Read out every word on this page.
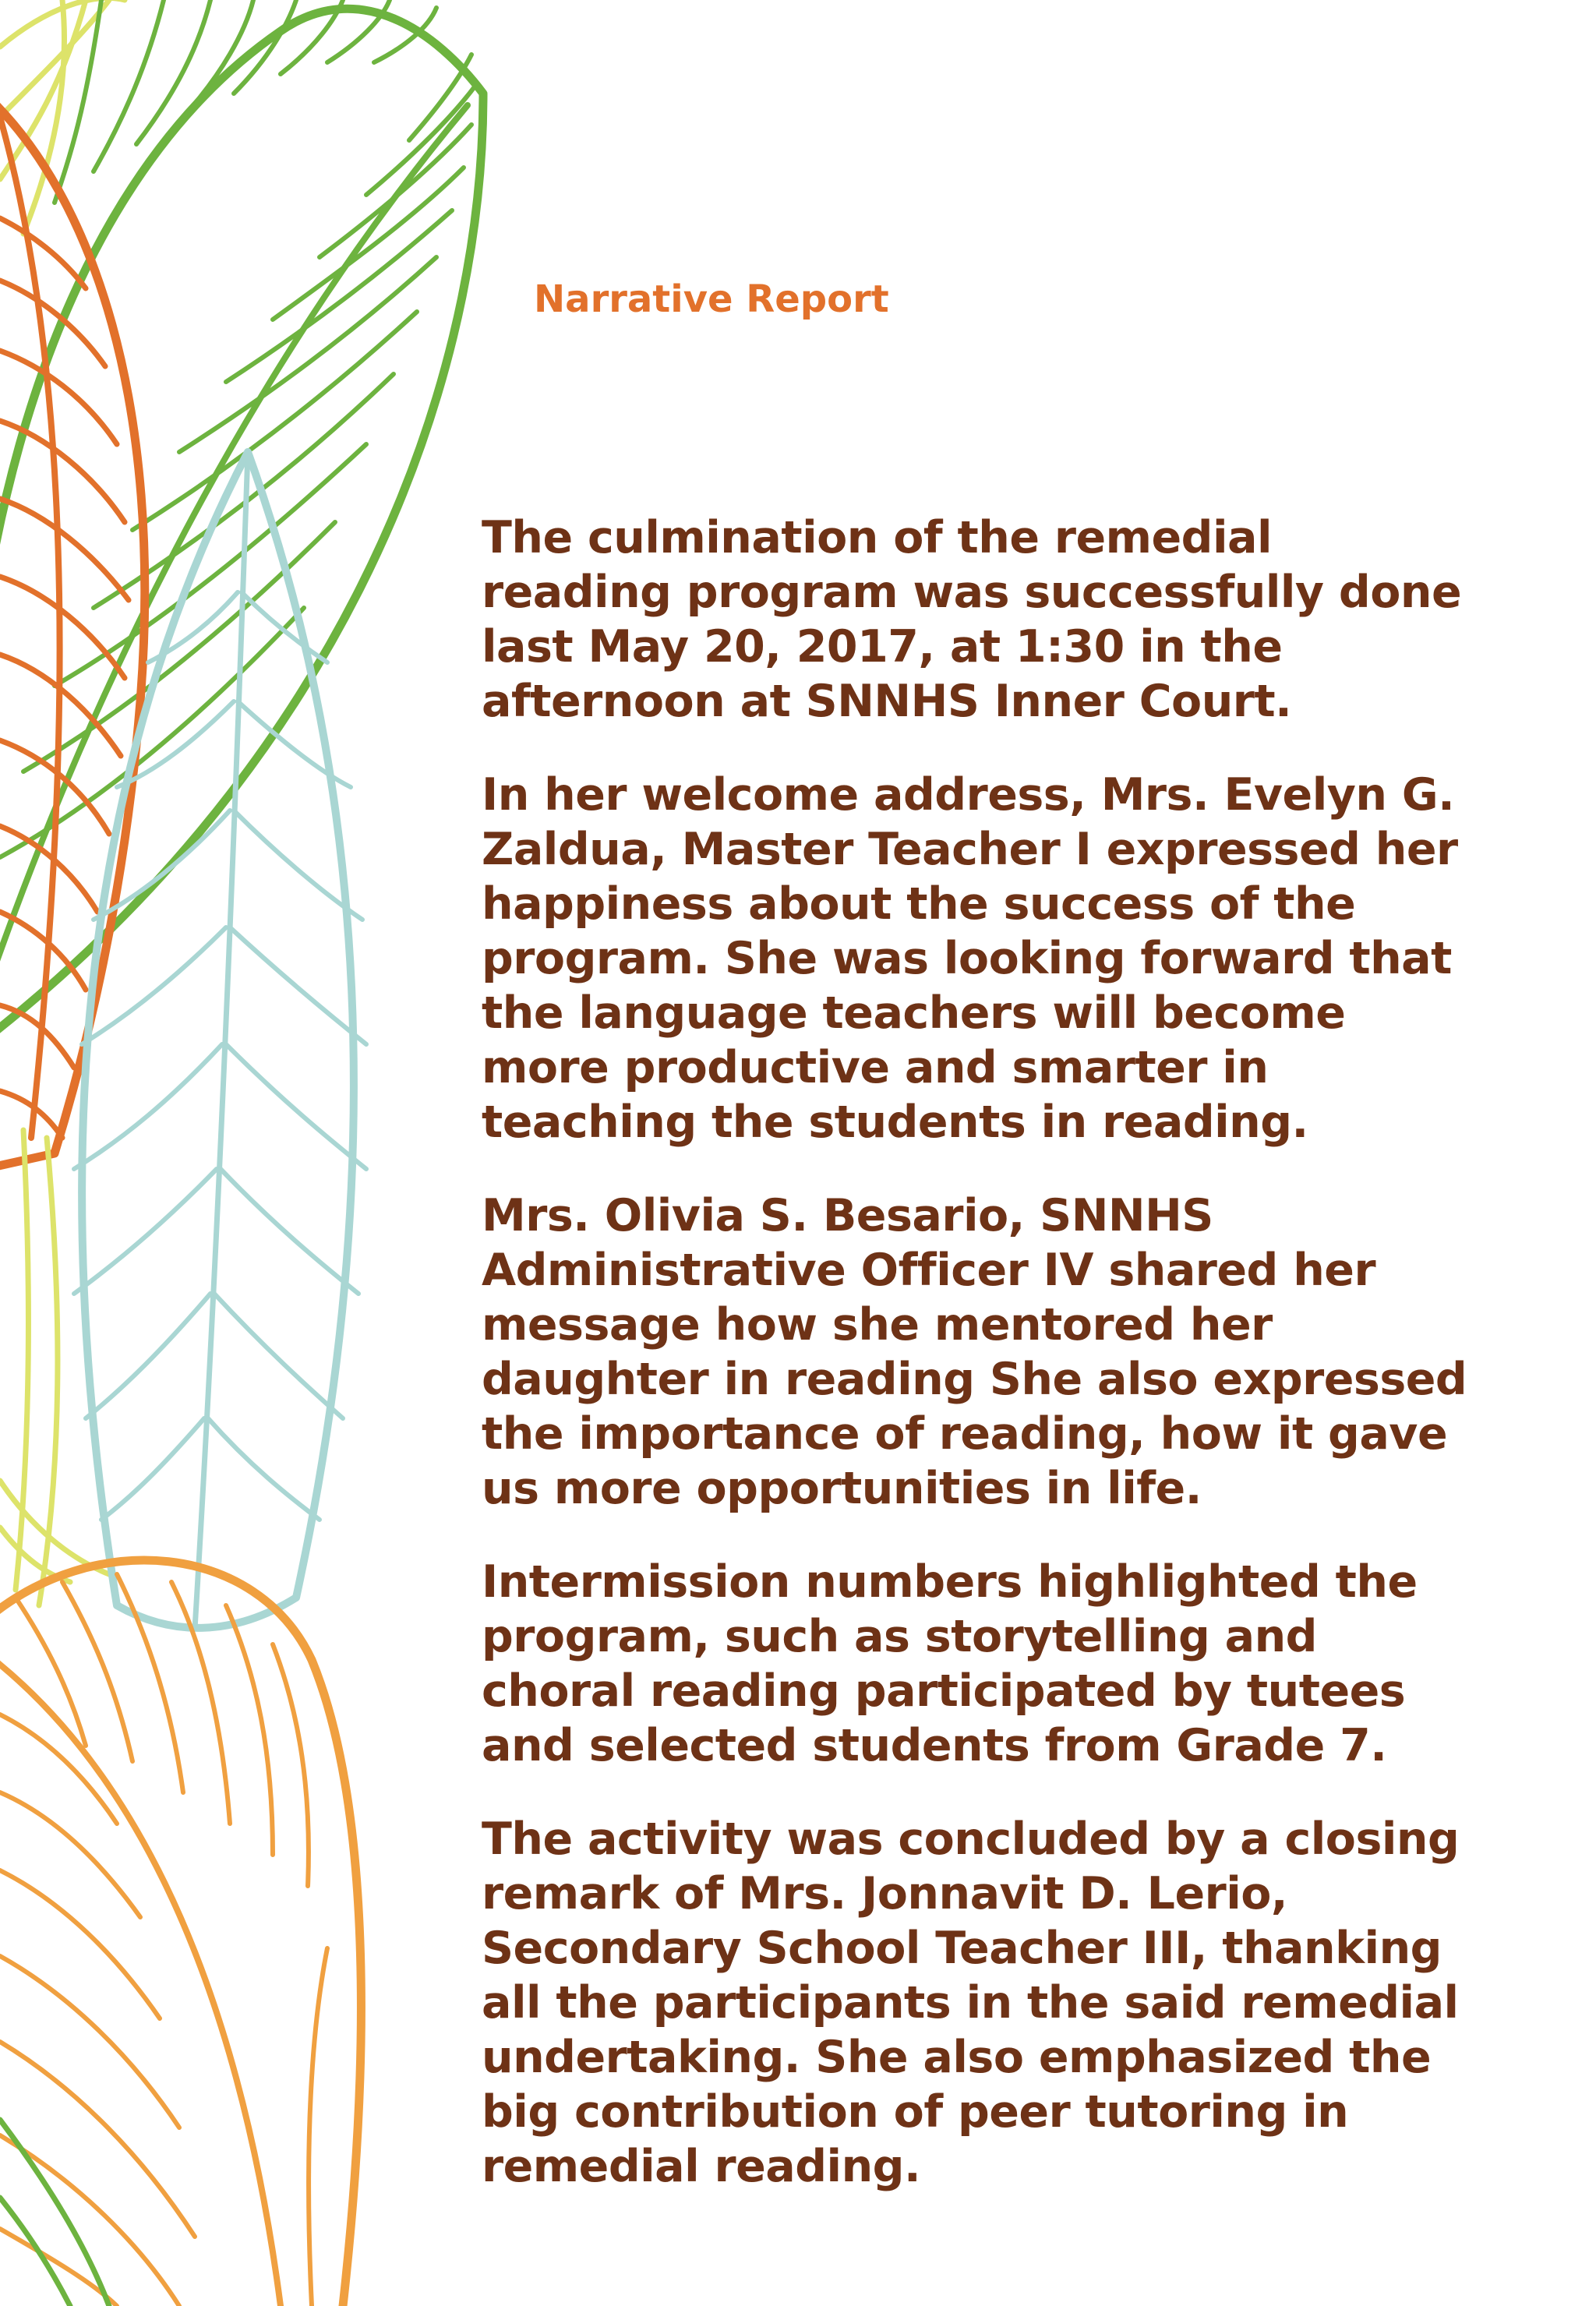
Narrative Report

The culmination of the remedial
reading program was successfully done
last May 20, 2017, at 1:30 in the
afternoon at SNNHS Inner Court.

In her welcome address, Mrs. Evelyn G.
Zaldua, Master Teacher I expressed her
happiness about the success of the
program. She was looking forward that
the language teachers will become
more productive and smarter in
teaching the students in reading.

Mrs. Olivia S. Besario, SNNHS
Administrative Officer IV shared her
message how she mentored her
daughter in reading She also expressed
the importance of reading, how it gave
us more opportunities in life.

Intermission numbers highlighted the
program, such as storytelling and
choral reading participated by tutees
and selected students from Grade 7.

The activity was concluded by a closing
remark of Mrs. Jonnavit D. Lerio,
Secondary School Teacher III, thanking
all the participants in the said remedial
undertaking. She also emphasized the
big contribution of peer tutoring in
remedial reading.
